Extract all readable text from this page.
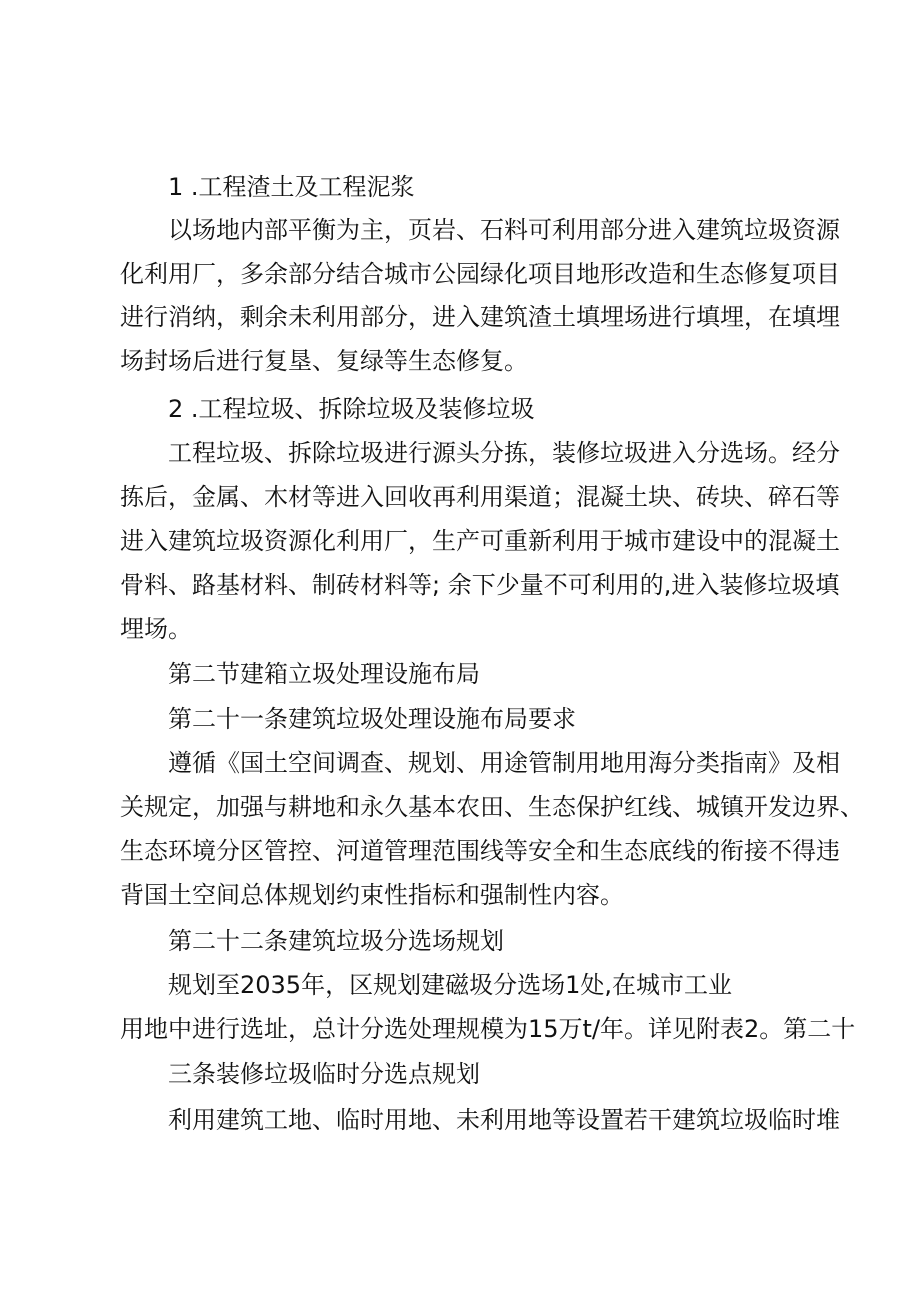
1 .工程渣土及工程泥浆

以场地内部平衡为主，页岩、石料可利用部分进入建筑垃圾资源

化利用厂，多余部分结合城市公园绿化项目地形改造和生态修复项目

进行消纳，剩余未利用部分，进入建筑渣土填埋场进行填埋，在填埋

场封场后进行复垦、复绿等生态修复。

2 .工程垃圾、拆除垃圾及装修垃圾

工程垃圾、拆除垃圾进行源头分拣，装修垃圾进入分选场。经分

拣后，金属、木材等进入回收再利用渠道；混凝土块、砖块、碎石等

进入建筑垃圾资源化利用厂，生产可重新利用于城市建设中的混凝土

骨料、路基材料、制砖材料等; 余下少量不可利用的,进入装修垃圾填

埋场。

第二节建箱立圾处理设施布局

第二十一条建筑垃圾处理设施布局要求

遵循《国土空间调查、规划、用途管制用地用海分类指南》及相

关规定，加强与耕地和永久基本农田、生态保护红线、城镇开发边界、

生态环境分区管控、河道管理范围线等安全和生态底线的衔接不得违

背国土空间总体规划约束性指标和强制性内容。

第二十二条建筑垃圾分选场规划

规划至2035年，区规划建磁圾分选场1处,在城市工业

用地中进行选址，总计分选处理规模为15万t/年。详见附表2。第二十

三条装修垃圾临时分选点规划

利用建筑工地、临时用地、未利用地等设置若干建筑垃圾临时堆
